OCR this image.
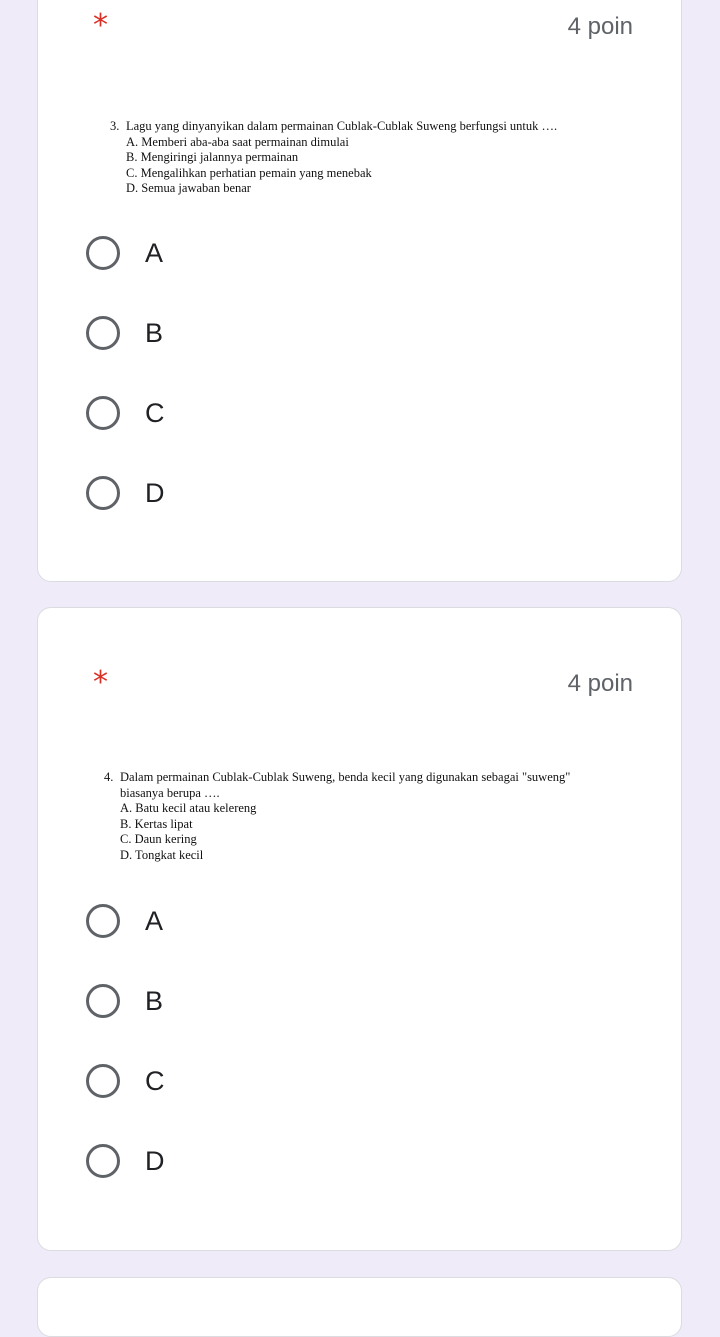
*	4 poin
3. Lagu yang dinyanyikan dalam permainan Cublak-Cublak Suweng berfungsi untuk ….
A. Memberi aba-aba saat permainan dimulai
B. Mengiringi jalannya permainan
C. Mengalihkan perhatian pemain yang menebak
D. Semua jawaban benar
A
B
C
D
*	4 poin
4. Dalam permainan Cublak-Cublak Suweng, benda kecil yang digunakan sebagai "suweng"
biasanya berupa ….
A. Batu kecil atau kelereng
B. Kertas lipat
C. Daun kering
D. Tongkat kecil
A
B
C
D
